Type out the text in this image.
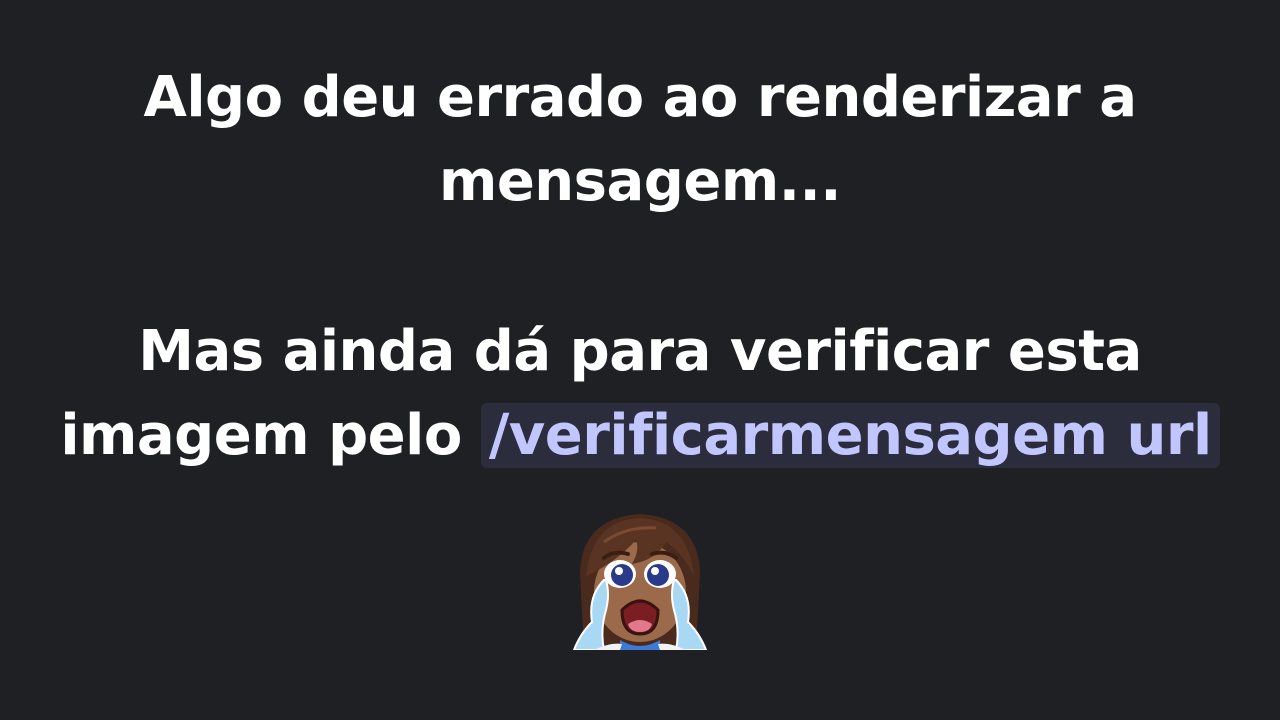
Algo deu errado ao renderizar a
mensagem...
Mas ainda dá para verificar esta
imagem pelo /verificarmensagem url
